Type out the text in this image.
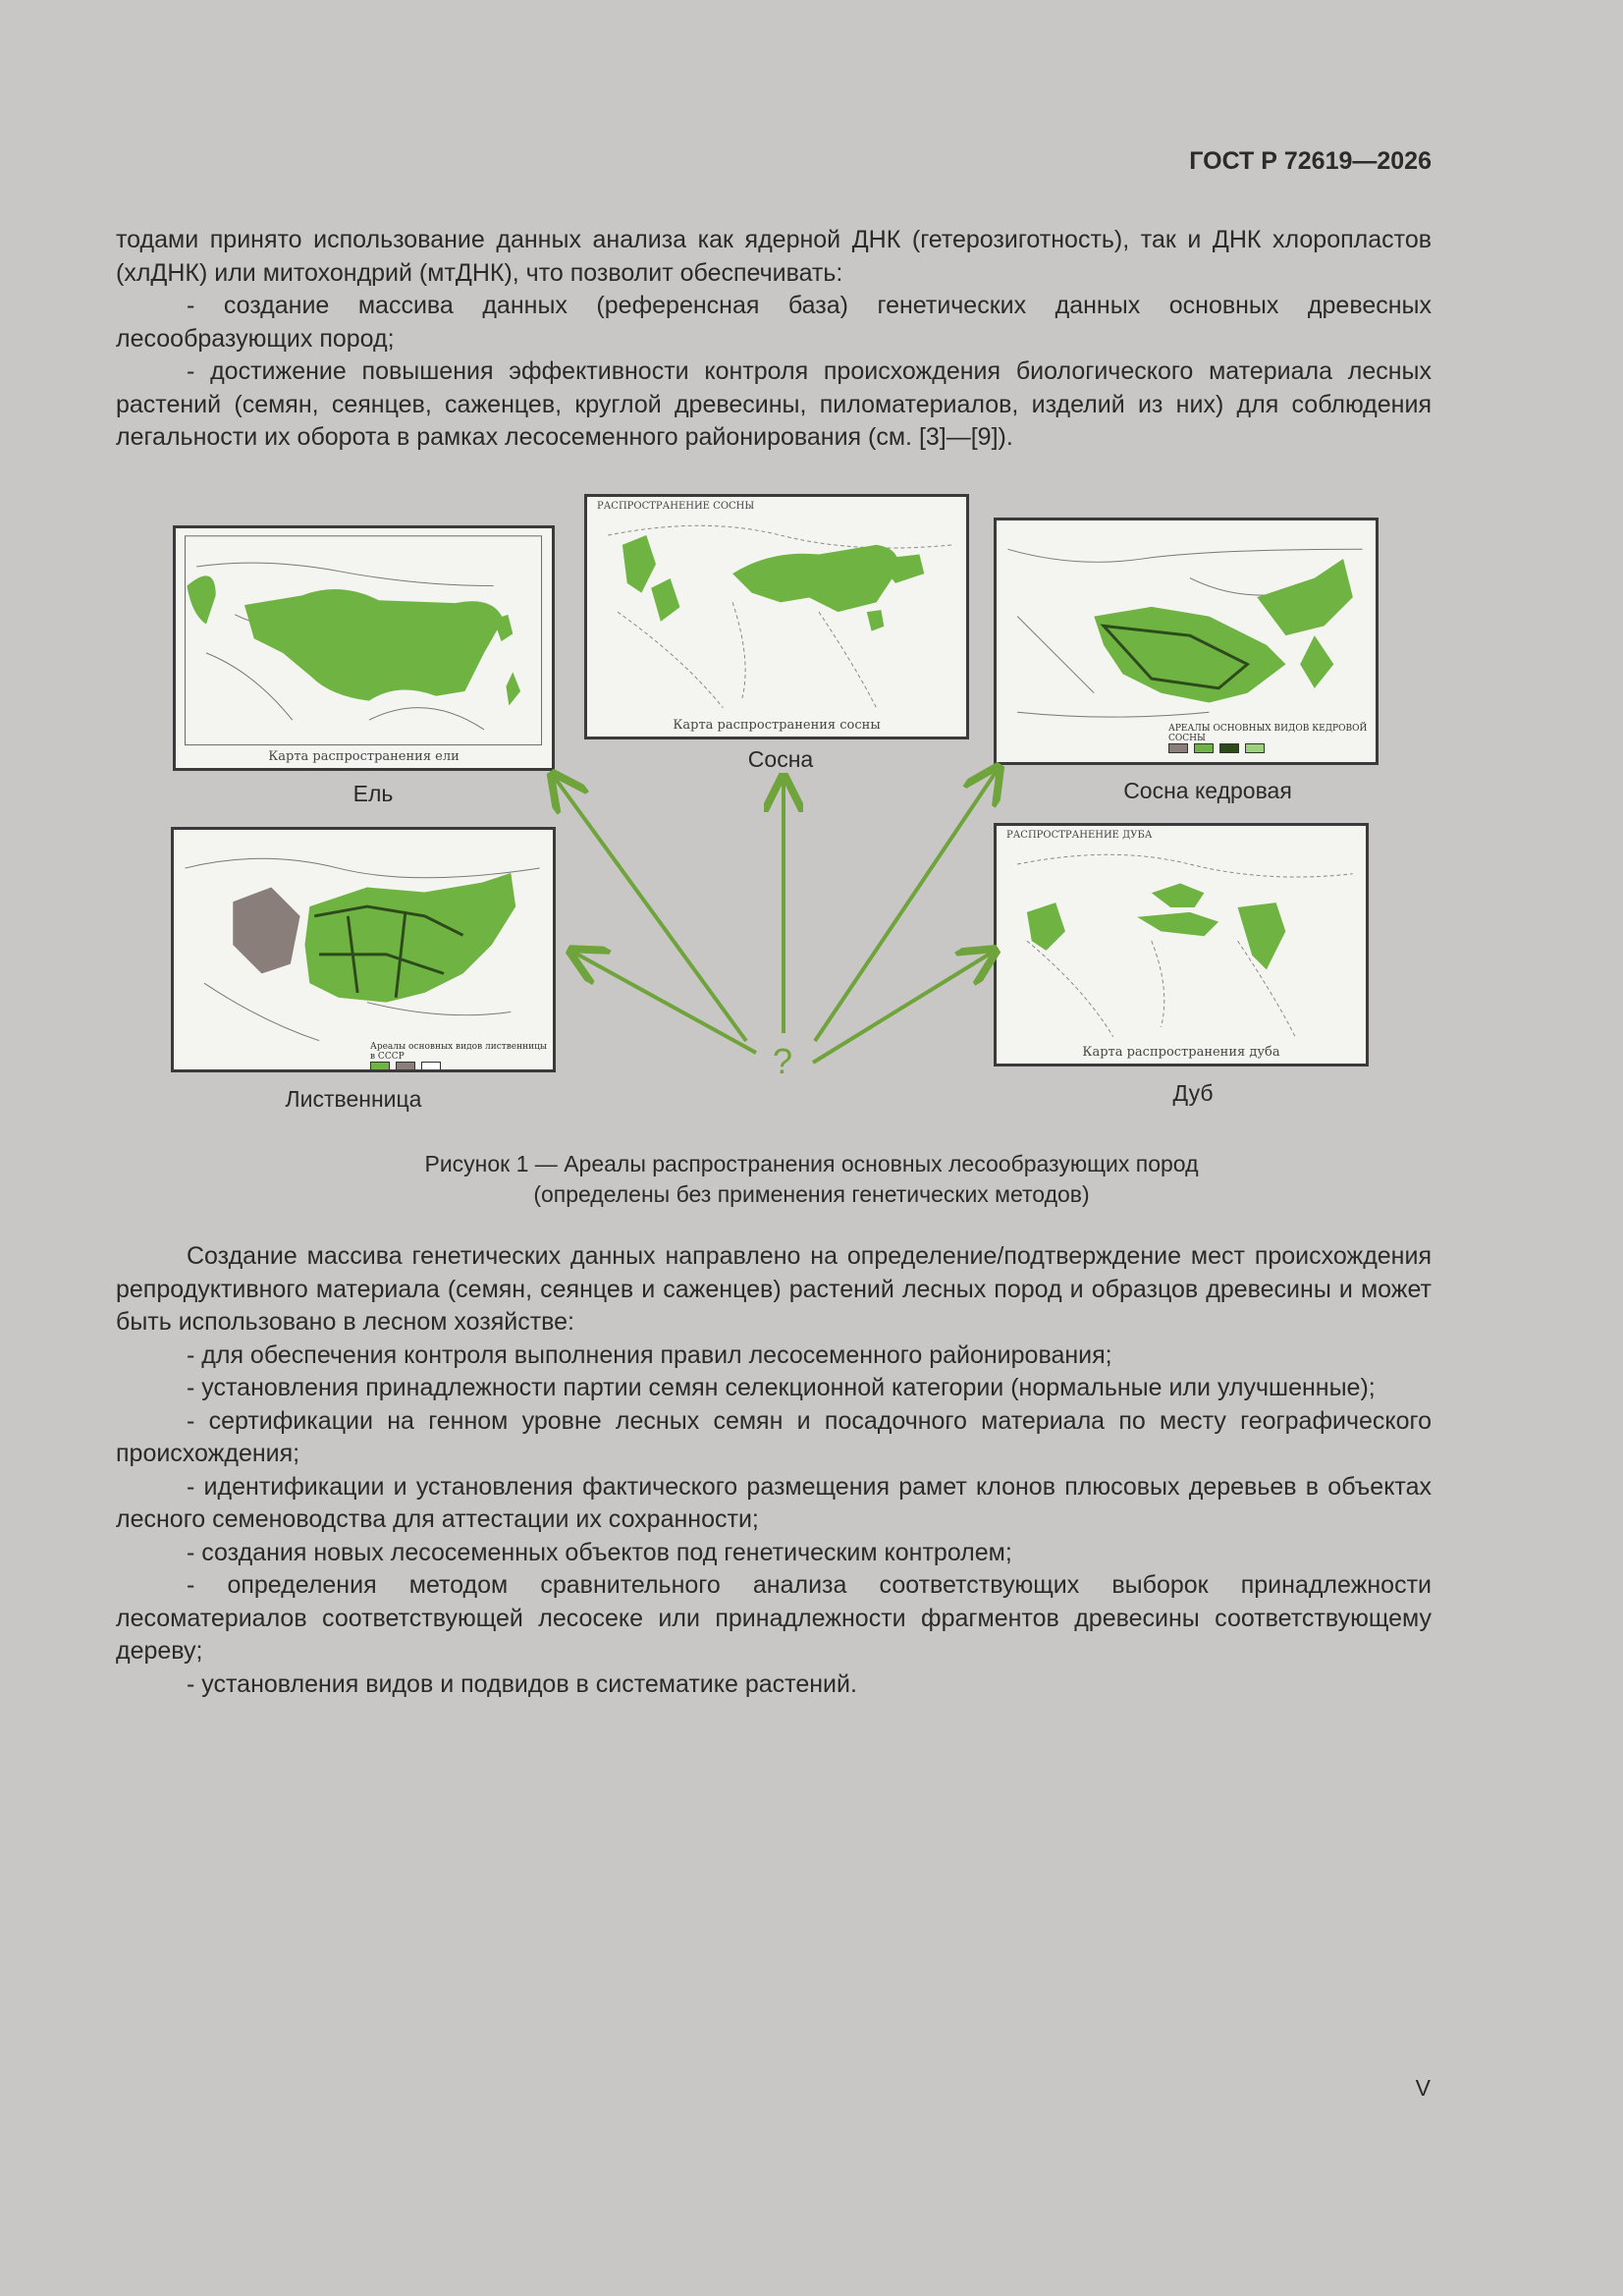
ГОСТ Р 72619—2026

тодами принято использование данных анализа как ядерной ДНК (гетерозиготность), так и ДНК хлоропластов (хлДНК) или митохондрий (мтДНК), что позволит обеспечивать:

- создание массива данных (референсная база) генетических данных основных древесных лесообразующих пород;

- достижение повышения эффективности контроля происхождения биологического материала лесных растений (семян, сеянцев, саженцев, круглой древесины, пиломатериалов, изделий из них) для соблюдения легальности их оборота в рамках лесосеменного районирования (см. [3]—[9]).

Карта распространения ели
Ель
РАСПРОСТРАНЕНИЕ СОСНЫ
Карта распространения сосны
Сосна
АРЕАЛЫ ОСНОВНЫХ ВИДОВ КЕДРОВОЙ СОСНЫ

Сосна кедровая
Ареалы основных видов лиственницы в СССР

Лиственница
РАСПРОСТРАНЕНИЕ ДУБА
Карта распространения дуба
Дуб
?
Рисунок 1 — Ареалы распространения основных лесообразующих пород
(определены без применения генетических методов)

Создание массива генетических данных направлено на определение/подтверждение мест происхождения репродуктивного материала (семян, сеянцев и саженцев) растений лесных пород и образцов древесины и может быть использовано в лесном хозяйстве:

- для обеспечения контроля выполнения правил лесосеменного районирования;

- установления принадлежности партии семян селекционной категории (нормальные или улучшенные);

- сертификации на генном уровне лесных семян и посадочного материала по месту географического происхождения;

- идентификации и установления фактического размещения рамет клонов плюсовых деревьев в объектах лесного семеноводства для аттестации их сохранности;

- создания новых лесосеменных объектов под генетическим контролем;

- определения методом сравнительного анализа соответствующих выборок принадлежности лесоматериалов соответствующей лесосеке или принадлежности фрагментов древесины соответствующему дереву;

- установления видов и подвидов в систематике растений.

V
